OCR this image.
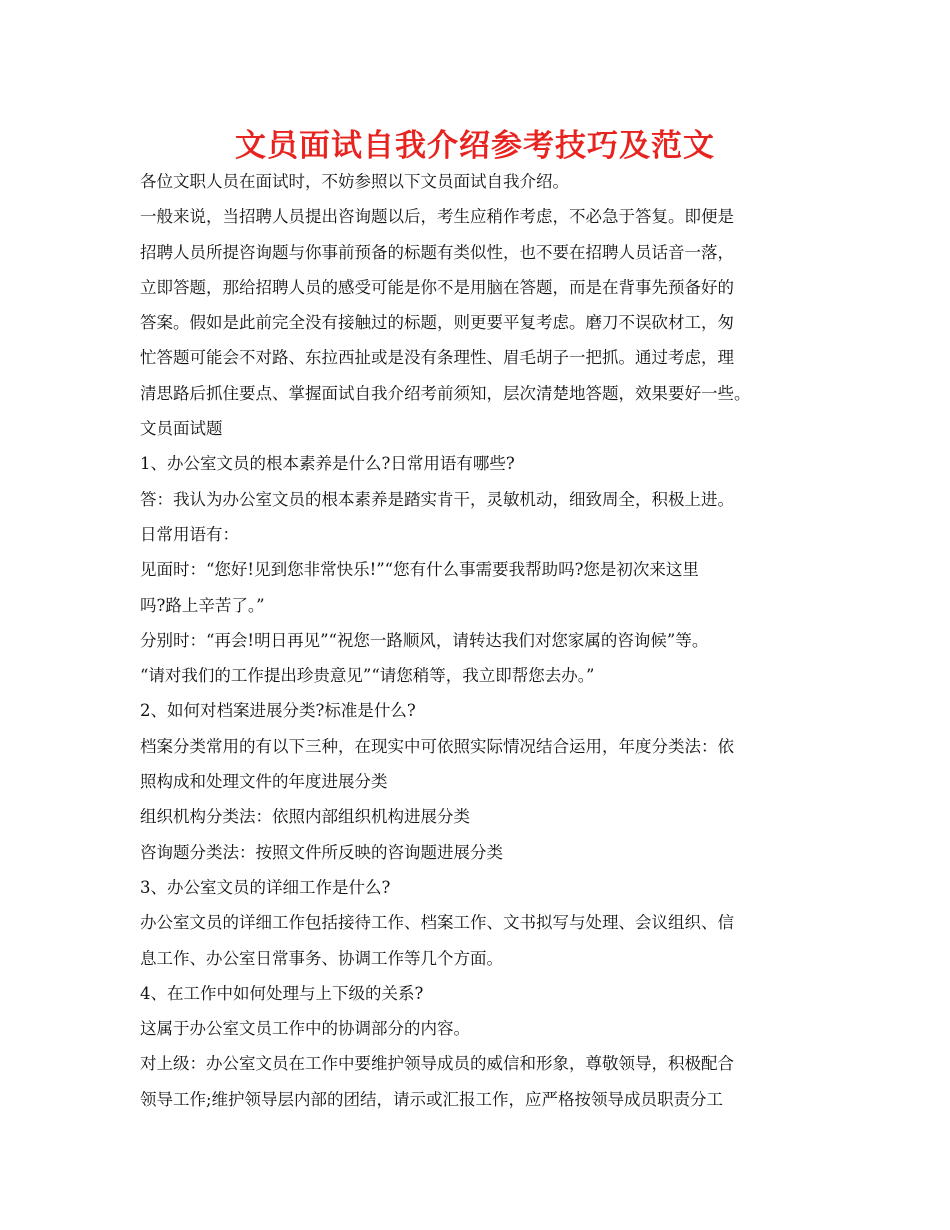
文员面试自我介绍参考技巧及范文
各位文职人员在面试时，不妨参照以下文员面试自我介绍。
一般来说，当招聘人员提出咨询题以后，考生应稍作考虑，不必急于答复。即便是
招聘人员所提咨询题与你事前预备的标题有类似性，也不要在招聘人员话音一落，
立即答题，那给招聘人员的感受可能是你不是用脑在答题，而是在背事先预备好的
答案。假如是此前完全没有接触过的标题，则更要平复考虑。磨刀不误砍材工，匆
忙答题可能会不对路、东拉西扯或是没有条理性、眉毛胡子一把抓。通过考虑，理
清思路后抓住要点、掌握面试自我介绍考前须知，层次清楚地答题，效果要好一些。
文员面试题
1、办公室文员的根本素养是什么?日常用语有哪些?
答：我认为办公室文员的根本素养是踏实肯干，灵敏机动，细致周全，积极上进。
日常用语有：
见面时：“您好!见到您非常快乐!”“您有什么事需要我帮助吗?您是初次来这里
吗?路上辛苦了。”
分别时：“再会!明日再见”“祝您一路顺风，请转达我们对您家属的咨询候”等。
“请对我们的工作提出珍贵意见”“请您稍等，我立即帮您去办。”
2、如何对档案进展分类?标准是什么?
档案分类常用的有以下三种，在现实中可依照实际情况结合运用，年度分类法：依
照构成和处理文件的年度进展分类
组织机构分类法：依照内部组织机构进展分类
咨询题分类法：按照文件所反映的咨询题进展分类
3、办公室文员的详细工作是什么?
办公室文员的详细工作包括接待工作、档案工作、文书拟写与处理、会议组织、信
息工作、办公室日常事务、协调工作等几个方面。
4、在工作中如何处理与上下级的关系?
这属于办公室文员工作中的协调部分的内容。
对上级：办公室文员在工作中要维护领导成员的威信和形象，尊敬领导，积极配合
领导工作;维护领导层内部的团结，请示或汇报工作，应严格按领导成员职责分工
